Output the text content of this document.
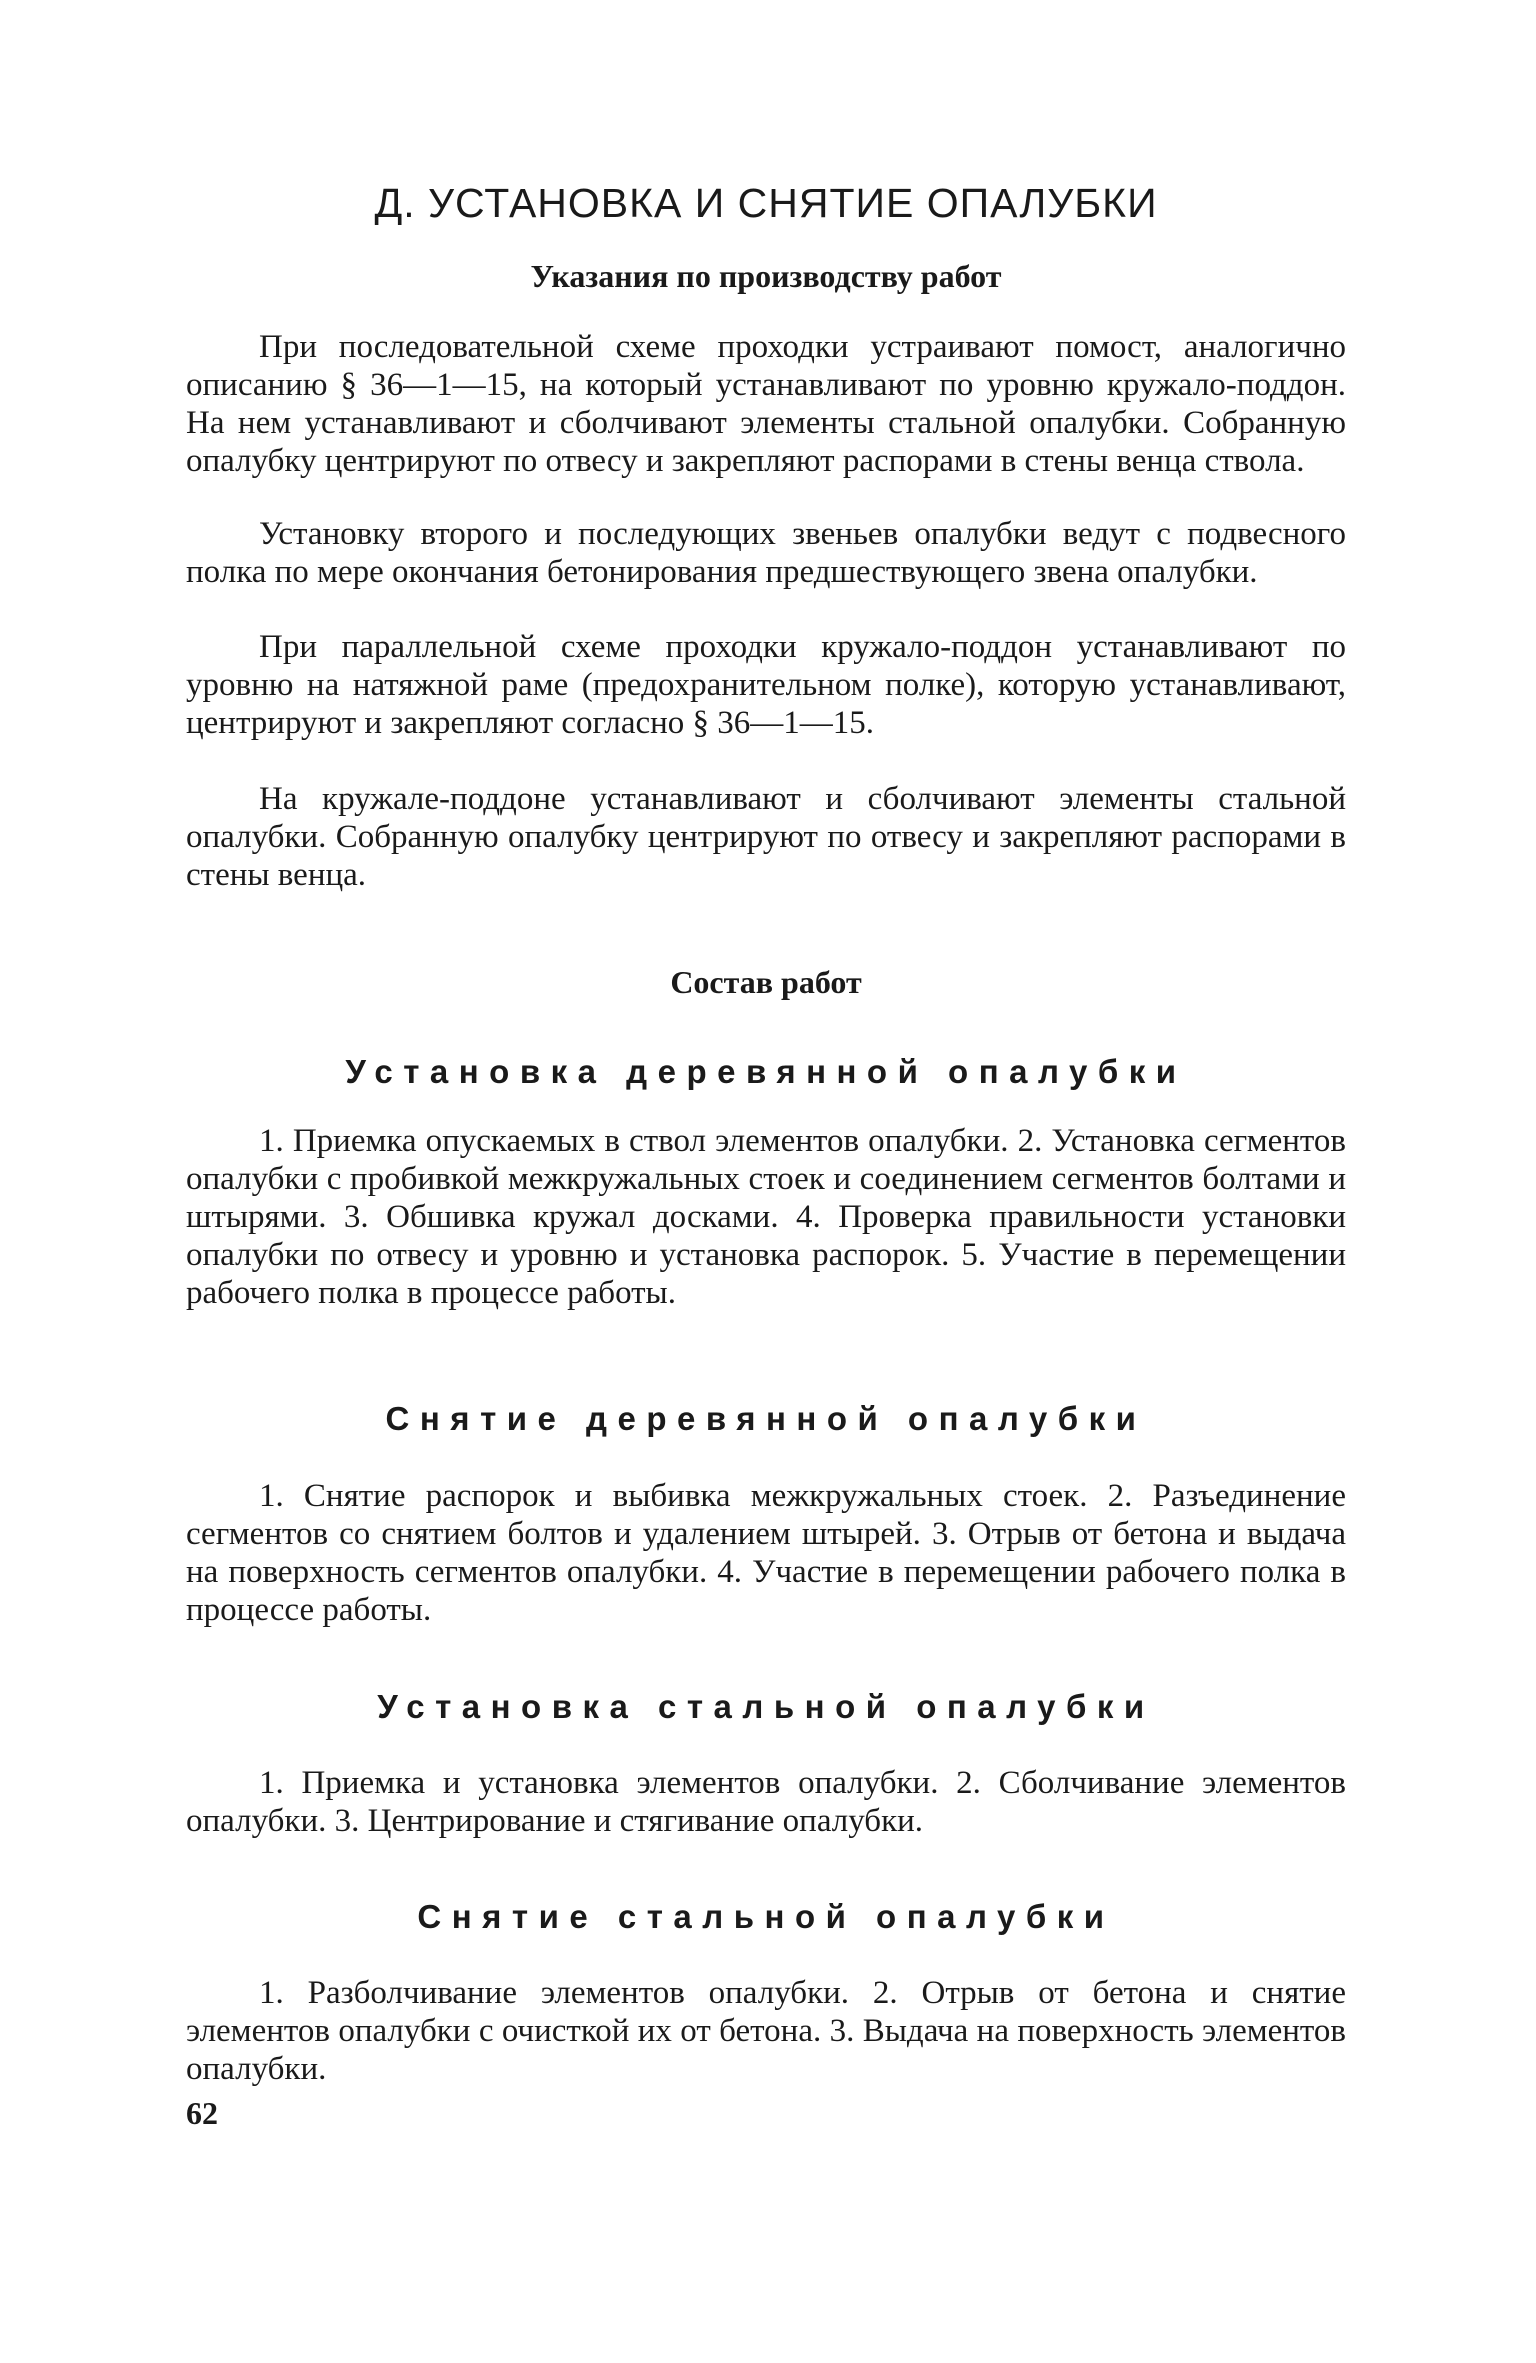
Д. УСТАНОВКА И СНЯТИЕ ОПАЛУБКИ
Указания по производству работ

При последовательной схеме проходки устраивают помост, аналогично описанию § 36—1—15, на который устанавливают по уровню кружало-поддон. На нем устанавливают и сболчивают элементы стальной опалубки. Собранную опалубку центрируют по отвесу и закрепляют распорами в стены венца ствола.

Установку второго и последующих звеньев опалубки ведут с подвесного полка по мере окончания бетонирования предшествующего звена опалубки.

При параллельной схеме проходки кружало-поддон устанавливают по уровню на натяжной раме (предохранительном полке), которую устанавливают, центрируют и закрепляют согласно § 36—1—15.

На кружале-поддоне устанавливают и сболчивают элементы стальной опалубки. Собранную опалубку центрируют по отвесу и закрепляют распорами в стены венца.

Состав работ
Установка деревянной опалубки

1. Приемка опускаемых в ствол элементов опалубки. 2. Установка сегментов опалубки с пробивкой межкружальных стоек и соединением сегментов болтами и штырями. 3. Обшивка кружал досками. 4. Проверка правильности установки опалубки по отвесу и уровню и установка распорок. 5. Участие в перемещении рабочего полка в процессе работы.

Снятие деревянной опалубки

1. Снятие распорок и выбивка межкружальных стоек. 2. Разъединение сегментов со снятием болтов и удалением штырей. 3. Отрыв от бетона и выдача на поверхность сегментов опалубки. 4. Участие в перемещении рабочего полка в процессе работы.

Установка стальной опалубки

1. Приемка и установка элементов опалубки. 2. Сболчивание элементов опалубки. 3. Центрирование и стягивание опалубки.

Снятие стальной опалубки

1. Разболчивание элементов опалубки. 2. Отрыв от бетона и снятие элементов опалубки с очисткой их от бетона. 3. Выдача на поверхность элементов опалубки.

62
